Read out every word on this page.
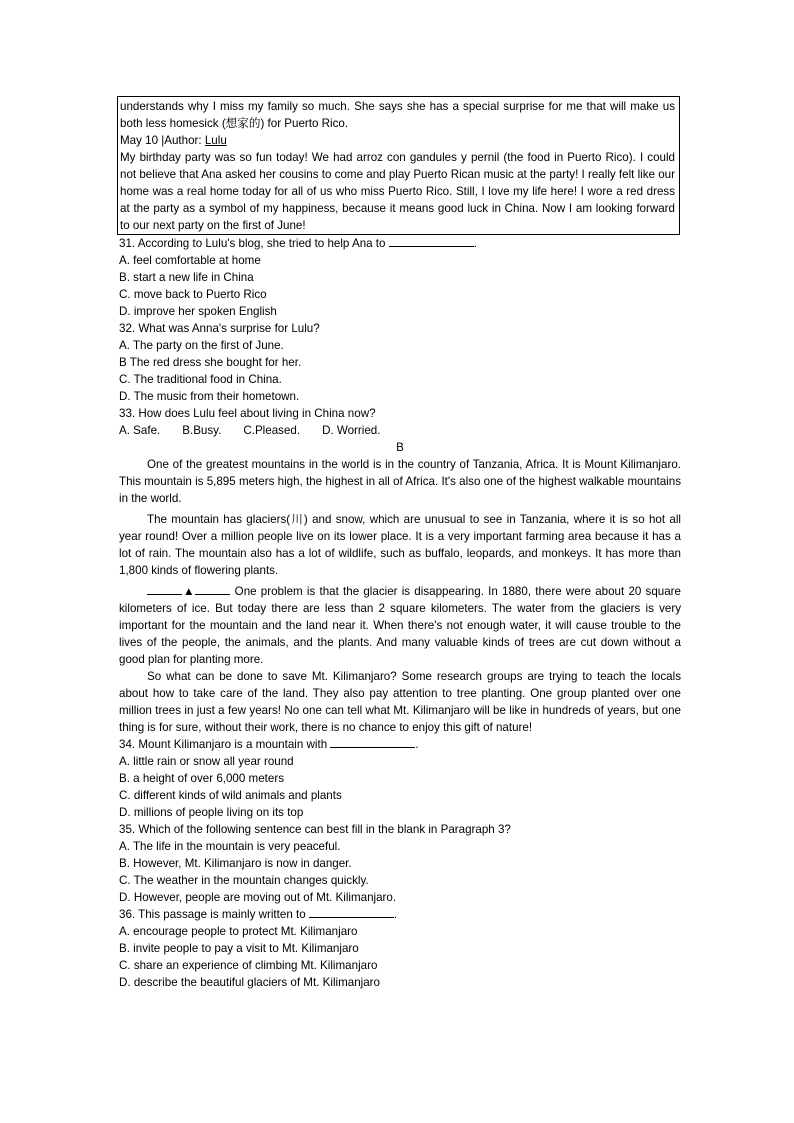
understands why I miss my family so much. She says she has a special surprise for me that will make us both less homesick (想家的) for Puerto Rico.

May 10 |Author: Lulu

My birthday party was so fun today! We had arroz con gandules y pernil (the food in Puerto Rico). I could not believe that Ana asked her cousins to come and play Puerto Rican music at the party! I really felt like our home was a real home today for all of us who miss Puerto Rico. Still, I love my life here! I wore a red dress at the party as a symbol of my happiness, because it means good luck in China. Now I am looking forward to our next party on the first of June!

31. According to Lulu's blog, she tried to help Ana to	.

A. feel comfortable at home

B. start a new life in China

C. move back to Puerto Rico

D. improve her spoken English

32. What was Anna's surprise for Lulu?

A. The party on the first of June.

B The red dress she bought for her.

C. The traditional food in China.

D. The music from their hometown.

33. How does Lulu feel about living in China now?

A. Safe. B.Busy. C.Pleased. D. Worried.

B

One of the greatest mountains in the world is in the country of Tanzania, Africa. It is Mount Kilimanjaro. This mountain is 5,895 meters high, the highest in all of Africa. It's also one of the highest walkable mountains in the world.

The mountain has glaciers(川) and snow, which are unusual to see in Tanzania, where it is so hot all year round! Over a million people live on its lower place. It is a very important farming area because it has a lot of rain. The mountain also has a lot of wildlife, such as buffalo, leopards, and monkeys. It has more than 1,800 kinds of flowering plants.

▲	One problem is that the glacier is disappearing. In 1880, there were about 20 square kilometers of ice. But today there are less than 2 square kilometers. The water from the glaciers is very important for the mountain and the land near it. When there's not enough water, it will cause trouble to the lives of the people, the animals, and the plants. And many valuable kinds of trees are cut down without a good plan for planting more.

So what can be done to save Mt. Kilimanjaro? Some research groups are trying to teach the locals about how to take care of the land. They also pay attention to tree planting. One group planted over one million trees in just a few years! No one can tell what Mt. Kilimanjaro will be like in hundreds of years, but one thing is for sure, without their work, there is no chance to enjoy this gift of nature!

34. Mount Kilimanjaro is a mountain with	.

A. little rain or snow all year round

B. a height of over 6,000 meters

C. different kinds of wild animals and plants

D. millions of people living on its top

35. Which of the following sentence can best fill in the blank in Paragraph 3?

A. The life in the mountain is very peaceful.

B. However, Mt. Kilimanjaro is now in danger.

C. The weather in the mountain changes quickly.

D. However, people are moving out of Mt. Kilimanjaro.

36. This passage is mainly written to	.

A. encourage people to protect Mt. Kilimanjaro

B. invite people to pay a visit to Mt. Kilimanjaro

C. share an experience of climbing Mt. Kilimanjaro

D. describe the beautiful glaciers of Mt. Kilimanjaro
